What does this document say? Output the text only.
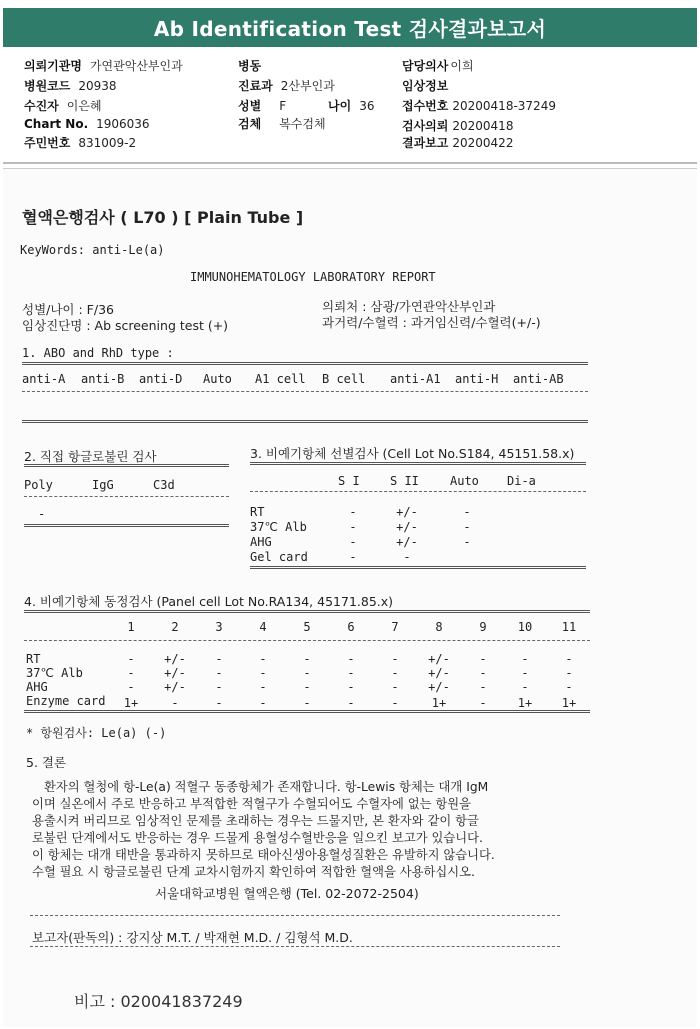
Ab Identification Test 검사결과보고서
의뢰기관명 가연관악산부인과
병원코드 20938
수진자 이은혜
Chart No. 1906036
주민번호 831009-2
병동
진료과 2산부인과
성별 F	나이 36
검체 복수검체
담당의사 이희
임상정보
접수번호 20200418-37249
검사의뢰 20200418
결과보고 20200422
혈액은행검사 ( L70 ) [ Plain Tube ]
KeyWords: anti-Le(a)
IMMUNOHEMATOLOGY LABORATORY REPORT
성별/나이 : F/36
임상진단명 : Ab screening test (+)
의뢰처 : 삼광/가연관악산부인과
과거력/수혈력 : 과거임신력/수혈력(+/-)
1. ABO and RhD type :
anti-A anti-B anti-D Auto A1 cell B cell anti-A1 anti-H anti-AB
2. 직접 항글로불린 검사
Poly	IgG	C3d
-
3. 비예기항체 선별검사 (Cell Lot No.S184, 45151.58.x)
S I	S II	Auto Di-a
RT	-	+/-	-
37℃ Alb	-	+/-	-
AHG	-	+/-	-
Gel card	-	-
4. 비예기항체 동정검사 (Panel cell Lot No.RA134, 45171.85.x)
1	2	3	4	5	6	7	8	9	10	11
RT	-	+/-	-	-	-	-	-	+/-	-	-	-
37℃ Alb	-	+/-	-	-	-	-	-	+/-	-	-	-
AHG	-	+/-	-	-	-	-	-	+/-	-	-	-
Enzyme card	1+	-	-	-	-	-	-	1+	-	1+	1+
* 항원검사: Le(a) (-)
5. 결론
환자의 혈청에 항-Le(a) 적혈구 동종항체가 존재합니다. 항-Lewis 항체는 대개 IgM
이며 실온에서 주로 반응하고 부적합한 적혈구가 수혈되어도 수혈자에 없는 항원을
용출시켜 버리므로 임상적인 문제를 초래하는 경우는 드물지만, 본 환자와 같이 항글
로불린 단계에서도 반응하는 경우 드물게 용혈성수혈반응을 일으킨 보고가 있습니다.
이 항체는 대개 태반을 통과하지 못하므로 태아신생아용혈성질환은 유발하지 않습니다.
수혈 필요 시 항글로불린 단계 교차시험까지 확인하여 적합한 혈액을 사용하십시오.
서울대학교병원 혈액은행 (Tel. 02-2072-2504)
보고자(판독의) : 강지상 M.T. / 박재현 M.D. / 김형석 M.D.
비고 : 020041837249
